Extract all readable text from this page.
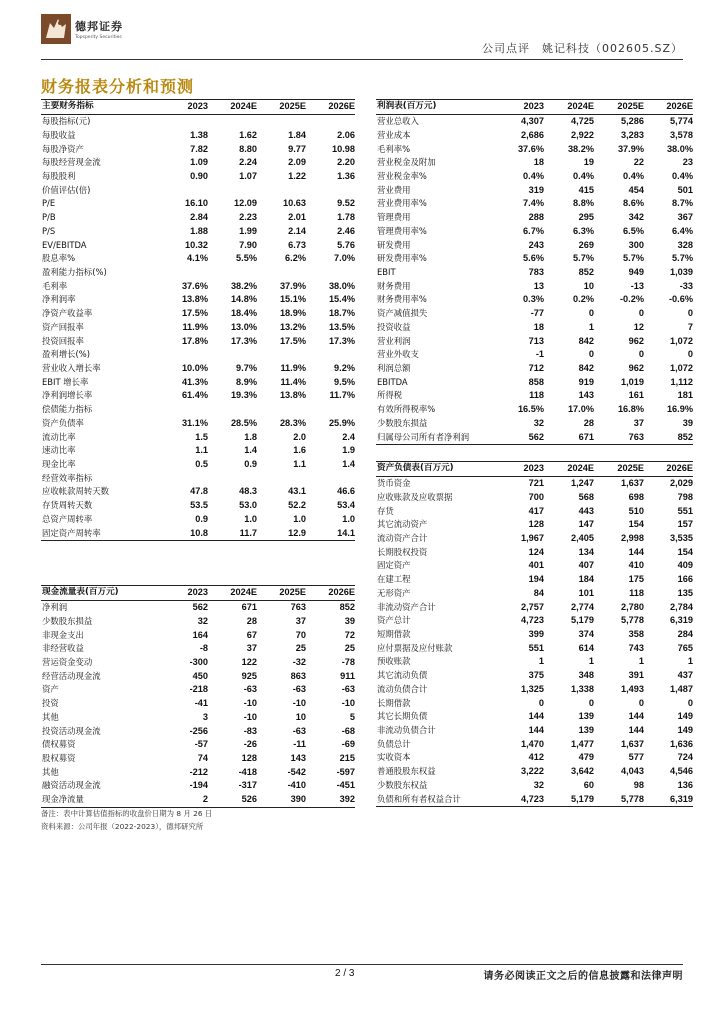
德邦证券
Topsperity Securities
公司点评　姚记科技（002605.SZ）
财务报表分析和预测
主要财务指标	2023	2024E	2025E	2026E
每股指标(元)				
每股收益	1.38	1.62	1.84	2.06
每股净资产	7.82	8.80	9.77	10.98
每股经营现金流	1.09	2.24	2.09	2.20
每股股利	0.90	1.07	1.22	1.36
价值评估(倍)				
P/E	16.10	12.09	10.63	9.52
P/B	2.84	2.23	2.01	1.78
P/S	1.88	1.99	2.14	2.46
EV/EBITDA	10.32	7.90	6.73	5.76
股息率%	4.1%	5.5%	6.2%	7.0%
盈利能力指标(%)				
毛利率	37.6%	38.2%	37.9%	38.0%
净利润率	13.8%	14.8%	15.1%	15.4%
净资产收益率	17.5%	18.4%	18.9%	18.7%
资产回报率	11.9%	13.0%	13.2%	13.5%
投资回报率	17.8%	17.3%	17.5%	17.3%
盈利增长(%)				
营业收入增长率	10.0%	9.7%	11.9%	9.2%
EBIT 增长率	41.3%	8.9%	11.4%	9.5%
净利润增长率	61.4%	19.3%	13.8%	11.7%
偿债能力指标				
资产负债率	31.1%	28.5%	28.3%	25.9%
流动比率	1.5	1.8	2.0	2.4
速动比率	1.1	1.4	1.6	1.9
现金比率	0.5	0.9	1.1	1.4
经营效率指标				
应收帐款周转天数	47.8	48.3	43.1	46.6
存货周转天数	53.5	53.0	52.2	53.4
总资产周转率	0.9	1.0	1.0	1.0
固定资产周转率	10.8	11.7	12.9	14.1
利润表(百万元)	2023	2024E	2025E	2026E
营业总收入	4,307	4,725	5,286	5,774
营业成本	2,686	2,922	3,283	3,578
毛利率%	37.6%	38.2%	37.9%	38.0%
营业税金及附加	18	19	22	23
营业税金率%	0.4%	0.4%	0.4%	0.4%
营业费用	319	415	454	501
营业费用率%	7.4%	8.8%	8.6%	8.7%
管理费用	288	295	342	367
管理费用率%	6.7%	6.3%	6.5%	6.4%
研发费用	243	269	300	328
研发费用率%	5.6%	5.7%	5.7%	5.7%
EBIT	783	852	949	1,039
财务费用	13	10	-13	-33
财务费用率%	0.3%	0.2%	-0.2%	-0.6%
资产减值损失	-77	0	0	0
投资收益	18	1	12	7
营业利润	713	842	962	1,072
营业外收支	-1	0	0	0
利润总额	712	842	962	1,072
EBITDA	858	919	1,019	1,112
所得税	118	143	161	181
有效所得税率%	16.5%	17.0%	16.8%	16.9%
少数股东损益	32	28	37	39
归属母公司所有者净利润	562	671	763	852
资产负债表(百万元)	2023	2024E	2025E	2026E
货币资金	721	1,247	1,637	2,029
应收账款及应收票据	700	568	698	798
存货	417	443	510	551
其它流动资产	128	147	154	157
流动资产合计	1,967	2,405	2,998	3,535
长期股权投资	124	134	144	154
固定资产	401	407	410	409
在建工程	194	184	175	166
无形资产	84	101	118	135
非流动资产合计	2,757	2,774	2,780	2,784
资产总计	4,723	5,179	5,778	6,319
短期借款	399	374	358	284
应付票据及应付账款	551	614	743	765
预收账款	1	1	1	1
其它流动负债	375	348	391	437
流动负债合计	1,325	1,338	1,493	1,487
长期借款	0	0	0	0
其它长期负债	144	139	144	149
非流动负债合计	144	139	144	149
负债总计	1,470	1,477	1,637	1,636
实收资本	412	479	577	724
普通股股东权益	3,222	3,642	4,043	4,546
少数股东权益	32	60	98	136
负债和所有者权益合计	4,723	5,179	5,778	6,319
现金流量表(百万元)	2023	2024E	2025E	2026E
净利润	562	671	763	852
少数股东损益	32	28	37	39
非现金支出	164	67	70	72
非经营收益	-8	37	25	25
营运资金变动	-300	122	-32	-78
经营活动现金流	450	925	863	911
资产	-218	-63	-63	-63
投资	-41	-10	-10	-10
其他	3	-10	10	5
投资活动现金流	-256	-83	-63	-68
债权募资	-57	-26	-11	-69
股权募资	74	128	143	215
其他	-212	-418	-542	-597
融资活动现金流	-194	-317	-410	-451
现金净流量	2	526	390	392
备注：表中计算估值指标的收盘价日期为 8 月 26 日
资料来源：公司年报（2022-2023），德邦研究所
2 / 3	请务必阅读正文之后的信息披露和法律声明
